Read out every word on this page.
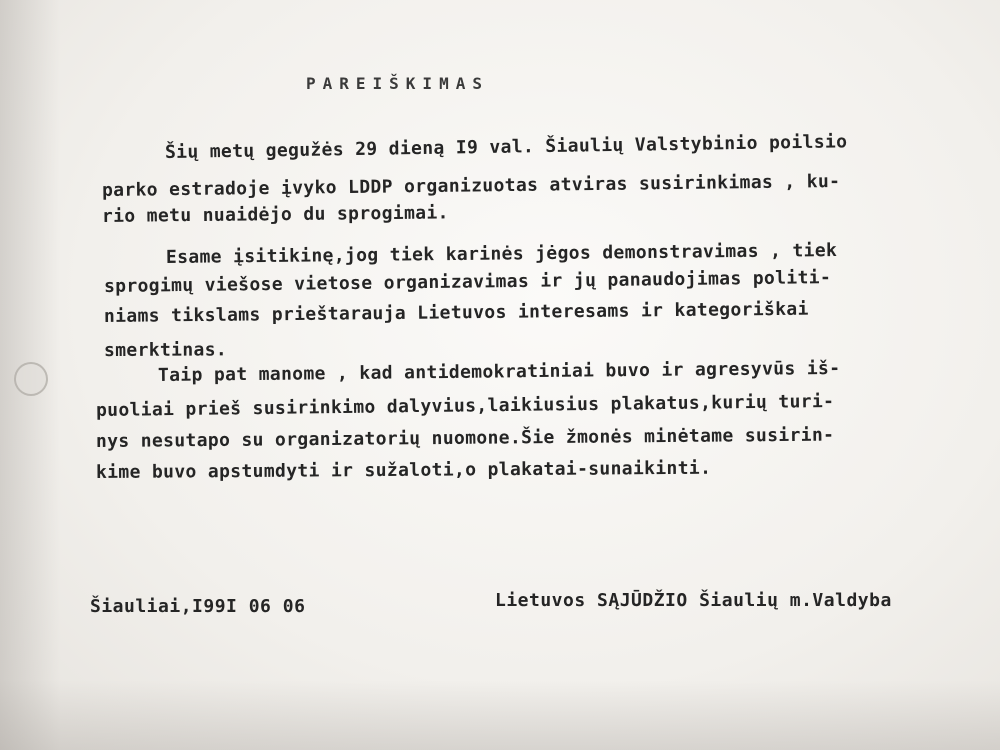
PAREIŠKIMAS
Šių metų gegužės 29 dieną I9 val. Šiaulių Valstybinio poilsio
parko estradoje įvyko LDDP organizuotas atviras susirinkimas , ku-
rio metu nuaidėjo du sprogimai.
Esame įsitikinę,jog tiek karinės jėgos demonstravimas , tiek
sprogimų viešose vietose organizavimas ir jų panaudojimas politi-
niams tikslams prieštarauja Lietuvos interesams ir kategoriškai
smerktinas.
Taip pat manome , kad antidemokratiniai buvo ir agresyvūs iš-
puoliai prieš susirinkimo dalyvius,laikiusius plakatus,kurių turi-
nys nesutapo su organizatorių nuomone.Šie žmonės minėtame susirin-
kime buvo apstumdyti ir sužaloti,o plakatai-sunaikinti.
Šiauliai,I99I 06 06	Lietuvos SĄJŪDŽIO Šiaulių m.Valdyba
